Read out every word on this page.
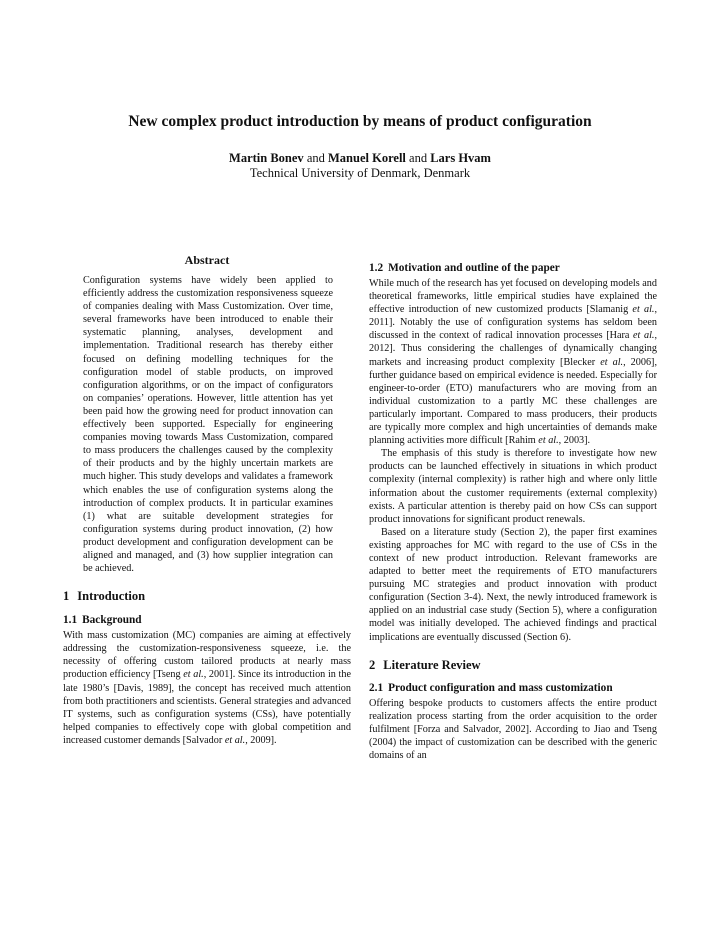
New complex product introduction by means of product configuration
Martin Bonev and Manuel Korell and Lars Hvam
Technical University of Denmark, Denmark

Abstract

Configuration systems have widely been applied to efficiently address the customization responsiveness squeeze of companies dealing with Mass Customization. Over time, several frameworks have been introduced to enable their systematic planning, analyses, development and implementation. Traditional research has thereby either focused on defining modelling techniques for the configuration model of stable products, on improved configuration algorithms, or on the impact of configurators on companies’ operations. However, little attention has yet been paid how the growing need for product innovation can effectively been supported. Especially for engineering companies moving towards Mass Customization, compared to mass producers the challenges caused by the complexity of their products and by the highly uncertain markets are much higher. This study develops and validates a framework which enables the use of configuration systems along the introduction of complex products. It in particular examines (1) what are suitable development strategies for configuration systems during product innovation, (2) how product development and configuration development can be aligned and managed, and (3) how supplier integration can be achieved.

1 Introduction

1.1 Background

With mass customization (MC) companies are aiming at effectively addressing the customization-responsiveness squeeze, i.e. the necessity of offering custom tailored products at nearly mass production efficiency [Tseng et al., 2001]. Since its introduction in the late 1980’s [Davis, 1989], the concept has received much attention from both practitioners and scientists. General strategies and advanced IT systems, such as configuration systems (CSs), have potentially helped companies to effectively cope with global competition and increased customer demands [Salvador et al., 2009].

1.2 Motivation and outline of the paper

While much of the research has yet focused on developing models and theoretical frameworks, little empirical studies have explained the effective introduction of new customized products [Slamanig et al., 2011]. Notably the use of configuration systems has seldom been discussed in the context of radical innovation processes [Hara et al., 2012]. Thus considering the challenges of dynamically changing markets and increasing product complexity [Blecker et al., 2006], further guidance based on empirical evidence is needed. Especially for engineer-to-order (ETO) manufacturers who are moving from an individual customization to a partly MC these challenges are particularly important. Compared to mass producers, their products are typically more complex and high uncertainties of demands make planning activities more difficult [Rahim et al., 2003].

The emphasis of this study is therefore to investigate how new products can be launched effectively in situations in which product complexity (internal complexity) is rather high and where only little information about the customer requirements (external complexity) exists. A particular attention is thereby paid on how CSs can support product innovations for significant product renewals.

Based on a literature study (Section 2), the paper first examines existing approaches for MC with regard to the use of CSs in the context of new product introduction. Relevant frameworks are adapted to better meet the requirements of ETO manufacturers pursuing MC strategies and product innovation with product configuration (Section 3-4). Next, the newly introduced framework is applied on an industrial case study (Section 5), where a configuration model was initially developed. The achieved findings and practical implications are eventually discussed (Section 6).

2 Literature Review

2.1 Product configuration and mass customization

Offering bespoke products to customers affects the entire product realization process starting from the order acquisition to the order fulfilment [Forza and Salvador, 2002]. According to Jiao and Tseng (2004) the impact of customization can be described with the generic domains of an
